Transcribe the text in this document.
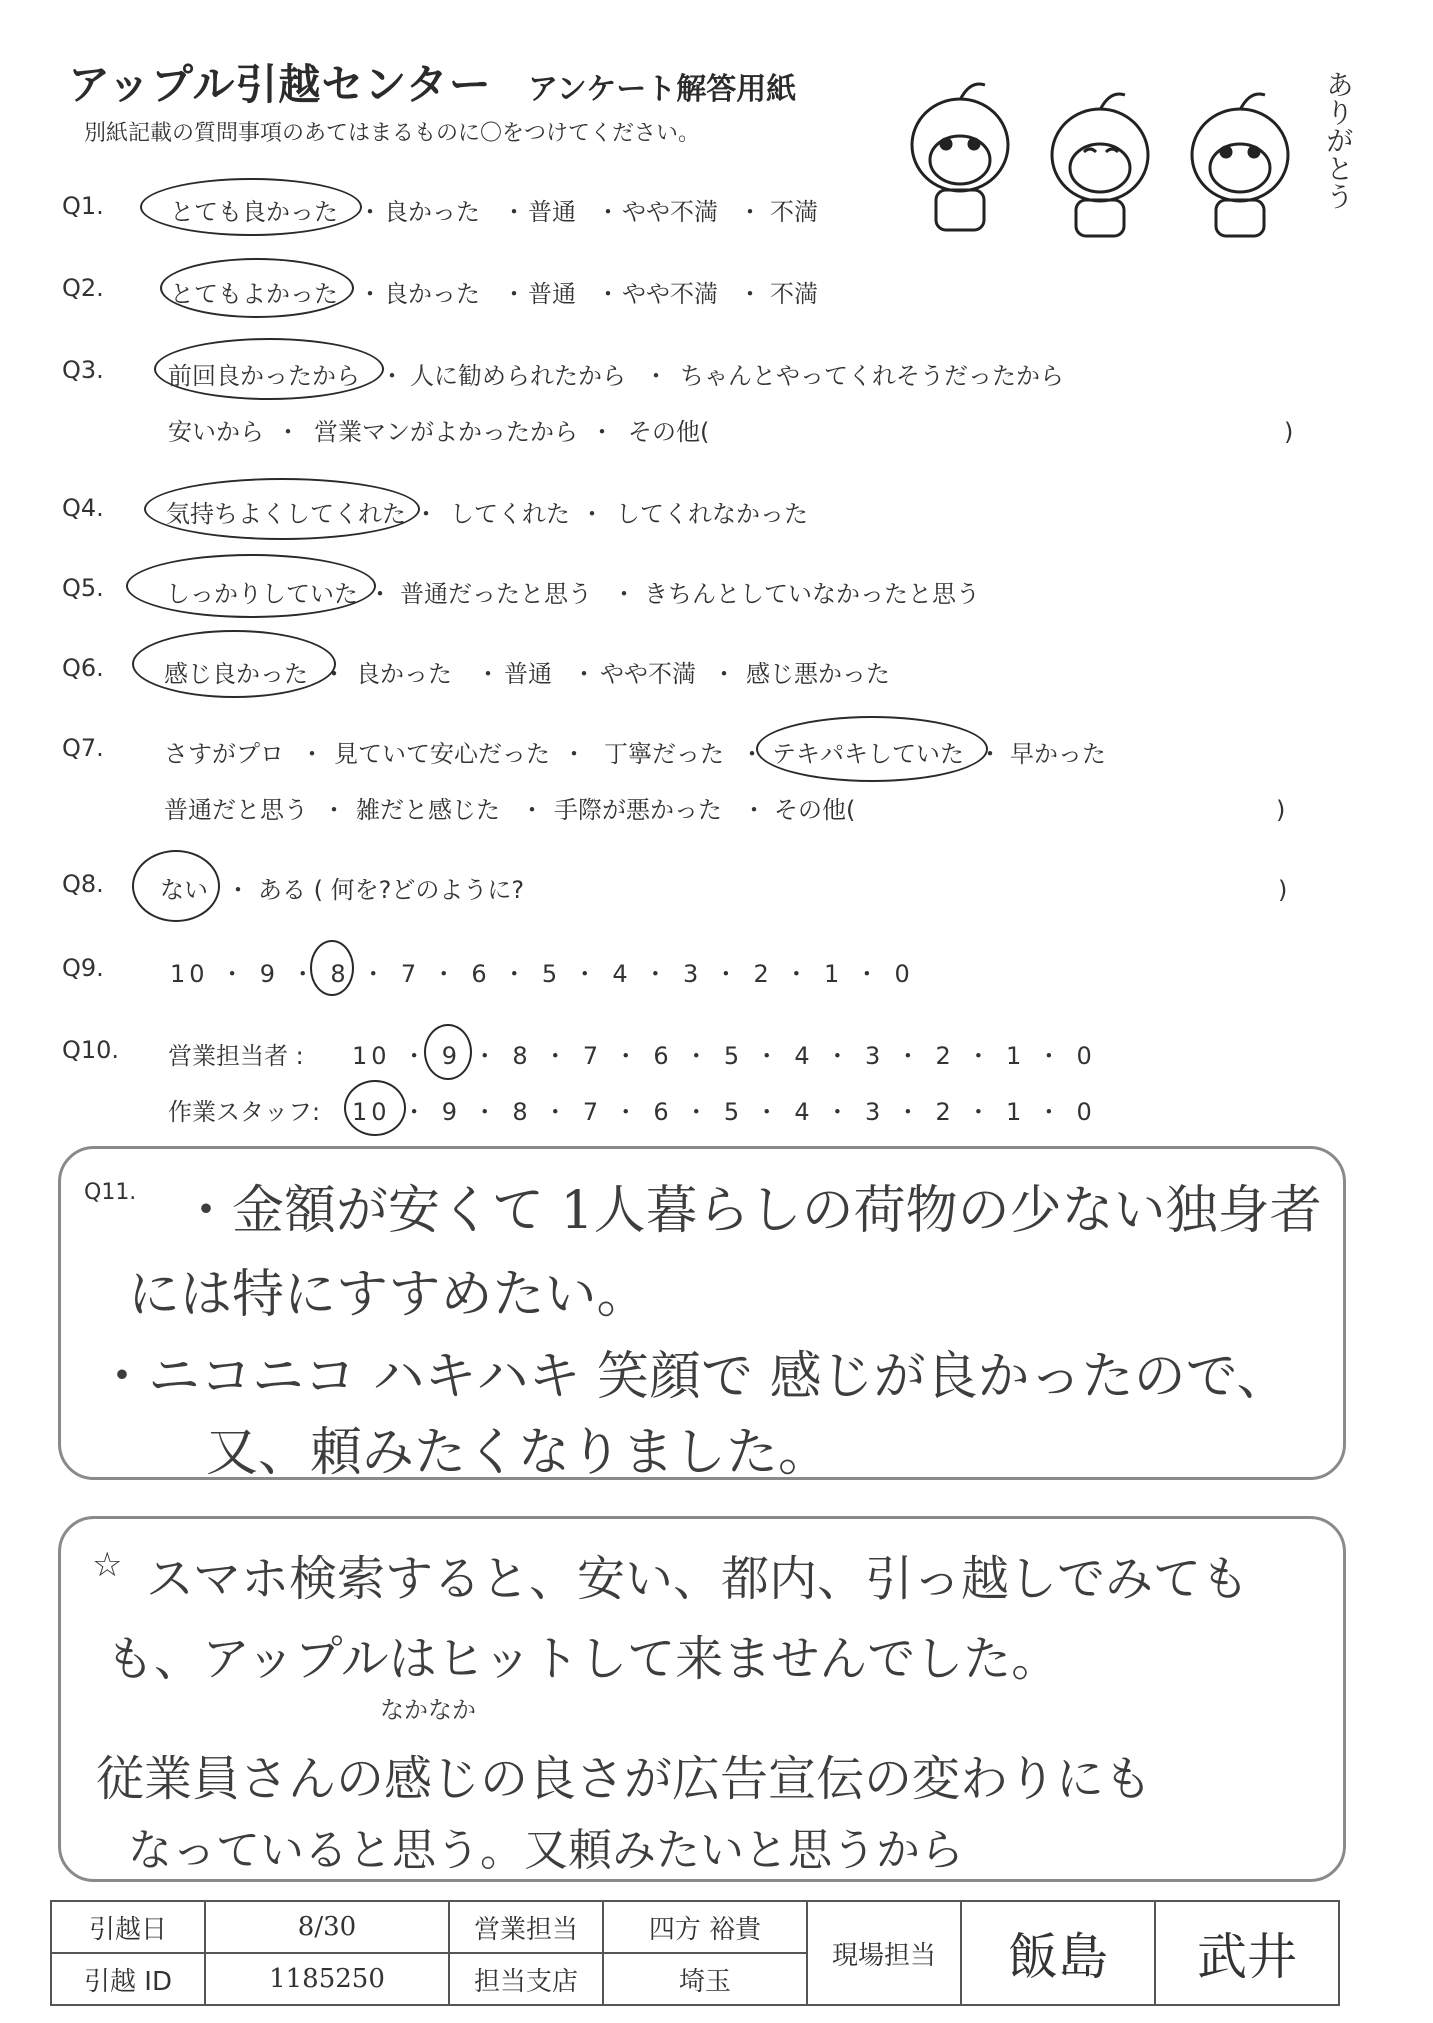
アップル引越センター アンケート解答用紙
別紙記載の質問事項のあてはまるものに〇をつけてください。	ありがとう
Q1.	とても良かった ・ 良かった ・ 普通 ・ やや不満 ・ 不満
Q2.	とてもよかった ・ 良かった ・ 普通 ・ やや不満 ・ 不満
Q3.	前回良かったから ・ 人に勧められたから ・ ちゃんとやってくれそうだったから
安いから ・ 営業マンがよかったから ・ その他(	)
Q4.	気持ちよくしてくれた ・ してくれた ・ してくれなかった
Q5.	しっかりしていた ・ 普通だったと思う ・ きちんとしていなかったと思う
Q6.	感じ良かった ・ 良かった ・ 普通 ・ やや不満 ・ 感じ悪かった
Q7.	さすがプロ ・ 見ていて安心だった ・ 丁寧だった ・ テキパキしていた ・ 早かった
普通だと思う ・ 雑だと感じた ・ 手際が悪かった ・ その他(	)
Q8. ない ・ ある ( 何を?どのように?	)
Q9.	10 ・ 9 ・ 8 ・ 7 ・ 6 ・ 5 ・ 4 ・ 3 ・ 2 ・ 1 ・ 0
Q10. 営業担当者 : 10 ・ 9 ・ 8 ・ 7 ・ 6 ・ 5 ・ 4 ・ 3 ・ 2 ・ 1 ・ 0
作業スタッフ: 10 ・ 9 ・ 8 ・ 7 ・ 6 ・ 5 ・ 4 ・ 3 ・ 2 ・ 1 ・ 0
Q11. ・金額が安くて 1人暮らしの荷物の少ない独身者
には特にすすめたい。
・ニコニコ ハキハキ 笑顔で 感じが良かったので、
又、頼みたくなりました。
☆ スマホ検索すると、安い、都内、引っ越しでみても
も、アップルはヒットして来ませんでした。
なかなか
従業員さんの感じの良さが広告宣伝の変わりにも
なっていると思う。又頼みたいと思うから
引越日	8/30	営業担当	四方 裕貴	現場担当	飯島	武井
引越 ID	1185250	担当支店	埼玉			
